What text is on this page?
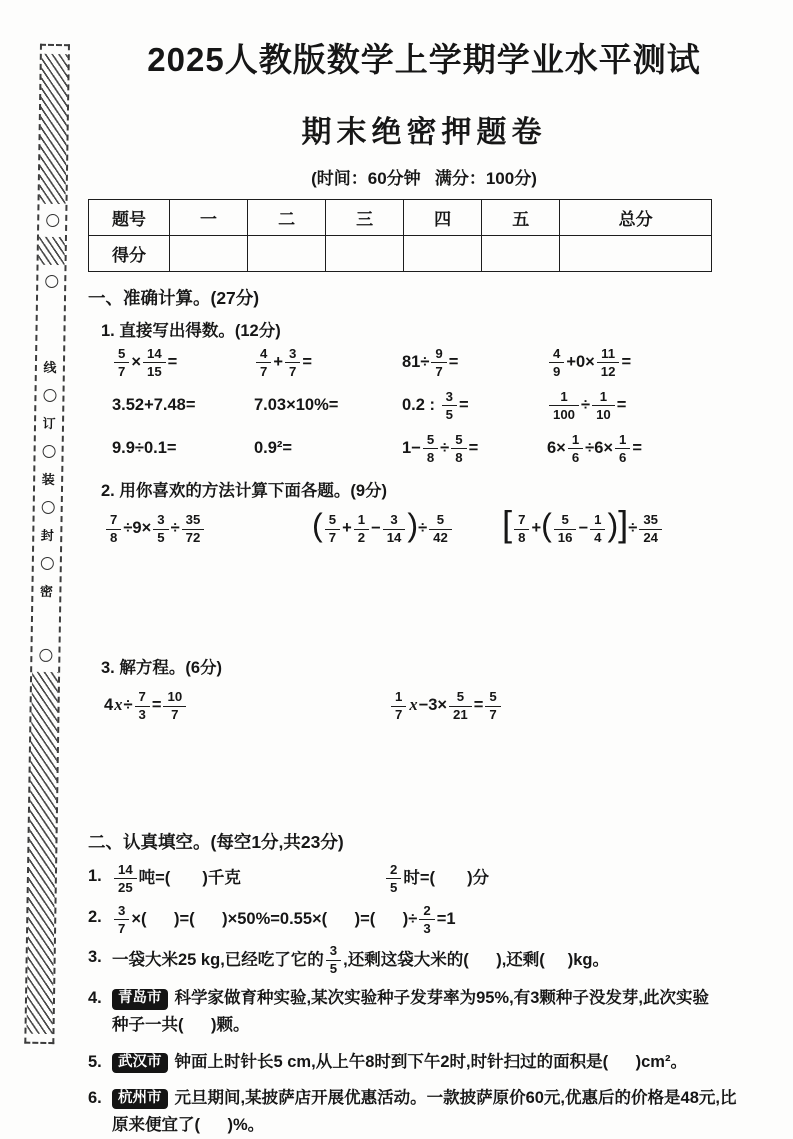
线
订
装
封
密
2025人教版数学上学期学业水平测试
期末绝密押题卷
(时间：60分钟   满分：100分)
题号	一	二	三	四	五	总分
得分						
一、准确计算。(27分)
1. 直接写出得数。(12分)
$\frac{5}{7} \times \frac{14}{15}$ =	$\frac{4}{7} + \frac{3}{7}$ =	$81\div \frac{9}{7}$ =	$\frac{4}{9} +0\times \frac{11}{12}$ =
3.52+7.48=	7.03×10%=	0.2 : $\frac{3}{5}$ =	$\frac{1}{100} \div \frac{1}{10}$ =
9.9÷0.1=	0.9²=	$1- \frac{5}{8} \div \frac{5}{8}$ =	$6\times \frac{1}{6} \div 6\times \frac{1}{6}$ =
2. 用你喜欢的方法计算下面各题。(9分)
$\frac{7}{8} \div 9\times \frac{3}{5} \div \frac{35}{72}$	( $\frac{5}{7} + \frac{1}{2} - \frac{3}{14}$ )÷ $\frac{5}{42}$ [ $\frac{7}{8}$ +( $\frac{5}{16} - \frac{1}{4}$ )]÷ $\frac{35}{24}$
3. 解方程。(6分)
$4x\div \frac{7}{3} = \frac{10}{7}$	$\frac{1}{7} x-3\times \frac{5}{21} = \frac{5}{7}$
二、认真填空。(每空1分,共23分)
1. $\frac{14}{25}$ 吨=(       )千克	$\frac{2}{5}$ 时=(       )分
2. $\frac{3}{7}$ ×(      )=(      )×50%=0.55×(      )=(      )÷ $\frac{2}{3} =1$
3. 一袋大米25 kg,已经吃了它的 $\frac{3}{5}$ ,还剩这袋大米的(      ),还剩(     )kg。
4.	青岛市 科学家做育种实验,某次实验种子发芽率为95%,有3颗种子没发芽,此次实验
种子一共(      )颗。
5.	武汉市 钟面上时针长5 cm,从上午8时到下午2时,时针扫过的面积是(      )cm²。
6.	杭州市 元旦期间,某披萨店开展优惠活动。一款披萨原价60元,优惠后的价格是48元,比
原来便宜了(      )%。
